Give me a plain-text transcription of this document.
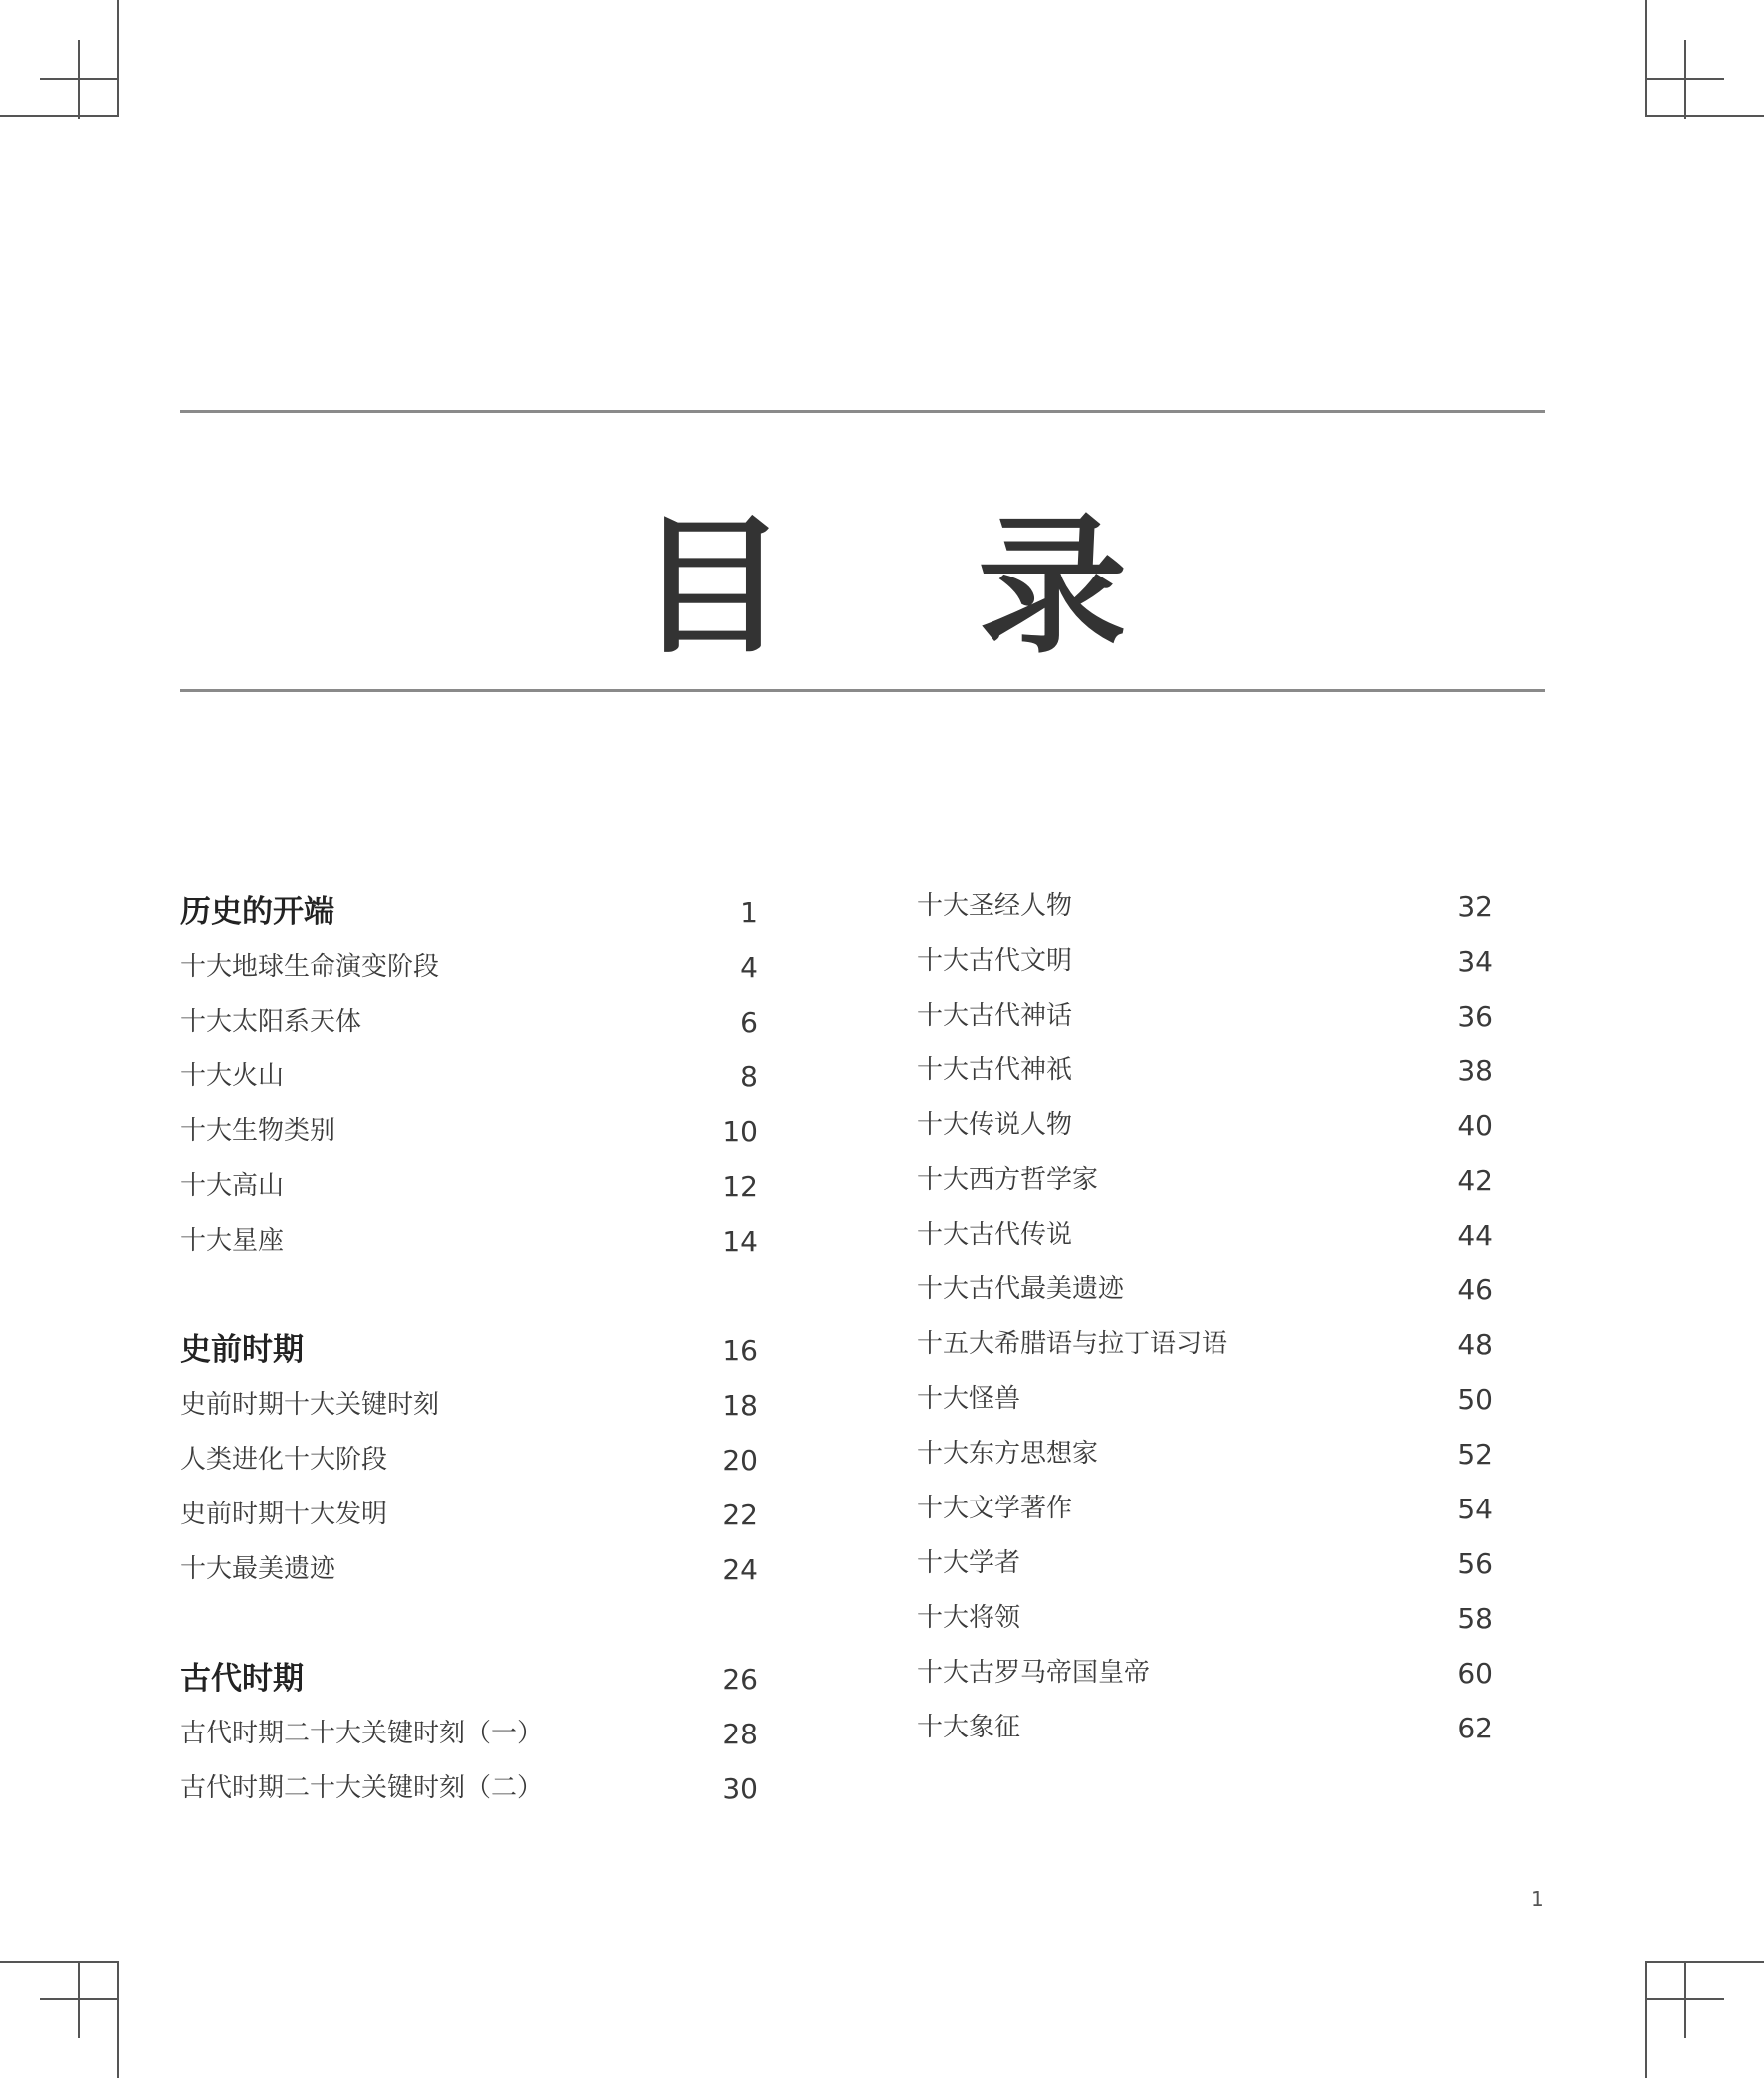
目 录
历史的开端	1
十大地球生命演变阶段	4
十大太阳系天体	6
十大火山	8
十大生物类别	10
十大高山	12
十大星座	14
史前时期	16
史前时期十大关键时刻	18
人类进化十大阶段	20
史前时期十大发明	22
十大最美遗迹	24
古代时期	26
古代时期二十大关键时刻（一）	28
古代时期二十大关键时刻（二）	30
十大圣经人物	32
十大古代文明	34
十大古代神话	36
十大古代神祇	38
十大传说人物	40
十大西方哲学家	42
十大古代传说	44
十大古代最美遗迹	46
十五大希腊语与拉丁语习语	48
十大怪兽	50
十大东方思想家	52
十大文学著作	54
十大学者	56
十大将领	58
十大古罗马帝国皇帝	60
十大象征	62
1
